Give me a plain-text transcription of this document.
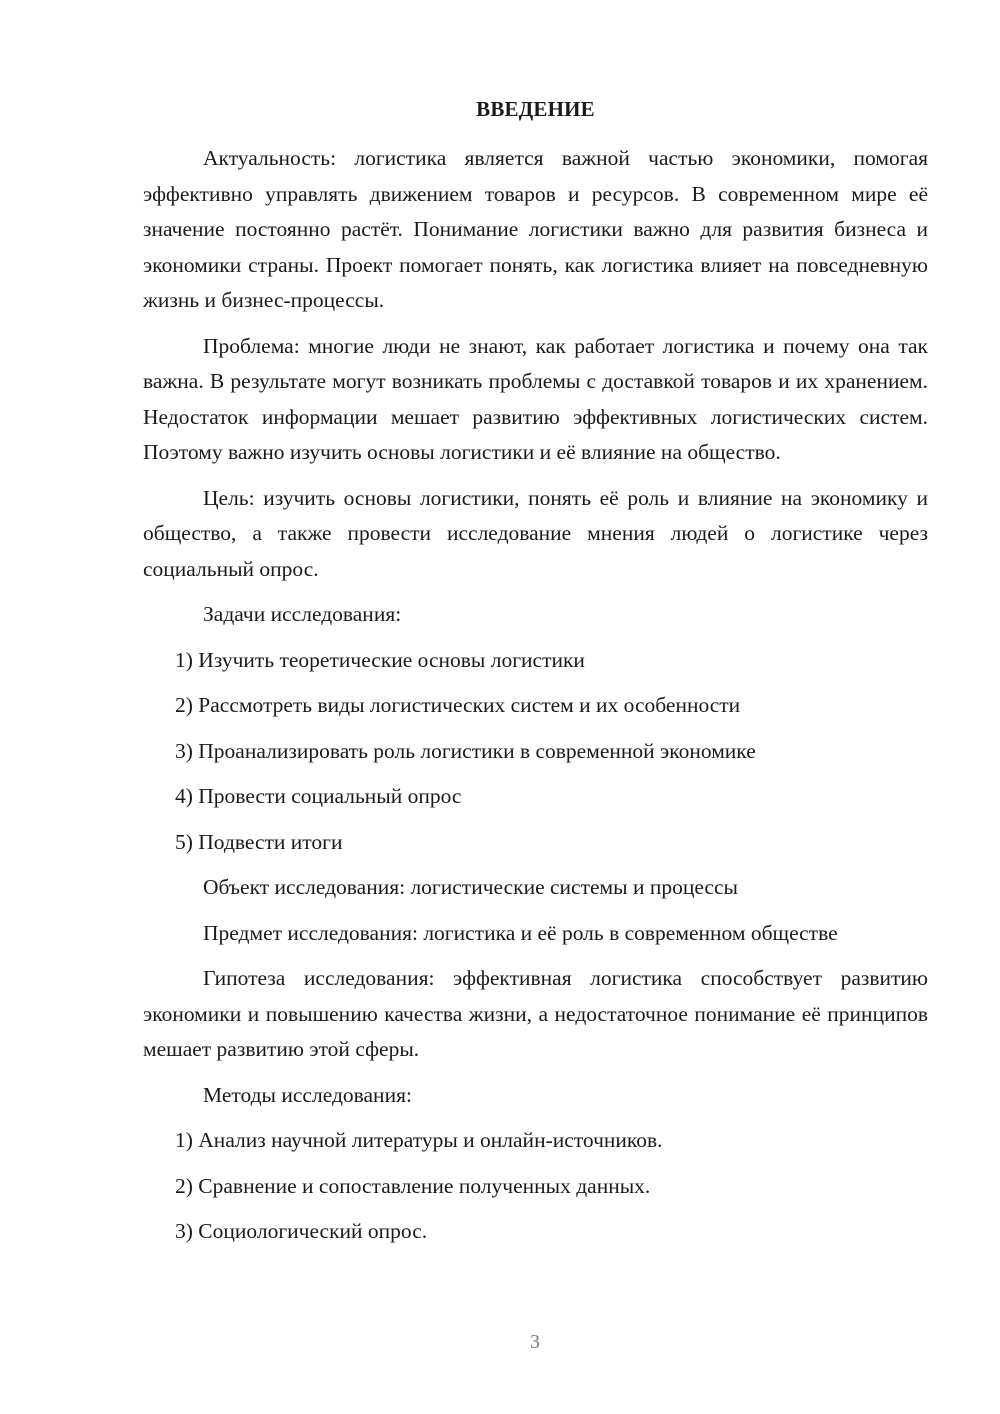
ВВЕДЕНИЕ

Актуальность: логистика является важной частью экономики, помогая эффективно управлять движением товаров и ресурсов. В современном мире её значение постоянно растёт. Понимание логистики важно для развития бизнеса и экономики страны. Проект помогает понять, как логистика влияет на повседневную жизнь и бизнес-процессы.

Проблема: многие люди не знают, как работает логистика и почему она так важна. В результате могут возникать проблемы с доставкой товаров и их хранением. Недостаток информации мешает развитию эффективных логистических систем. Поэтому важно изучить основы логистики и её влияние на общество.

Цель: изучить основы логистики, понять её роль и влияние на экономику и общество, а также провести исследование мнения людей о логистике через социальный опрос.

Задачи исследования:

1) Изучить теоретические основы логистики

2) Рассмотреть виды логистических систем и их особенности

3) Проанализировать роль логистики в современной экономике

4) Провести социальный опрос

5) Подвести итоги

Объект исследования: логистические системы и процессы

Предмет исследования: логистика и её роль в современном обществе

Гипотеза исследования: эффективная логистика способствует развитию экономики и повышению качества жизни, а недостаточное понимание её принципов мешает развитию этой сферы.

Методы исследования:

1) Анализ научной литературы и онлайн-источников.

2) Сравнение и сопоставление полученных данных.

3) Социологический опрос.

3
